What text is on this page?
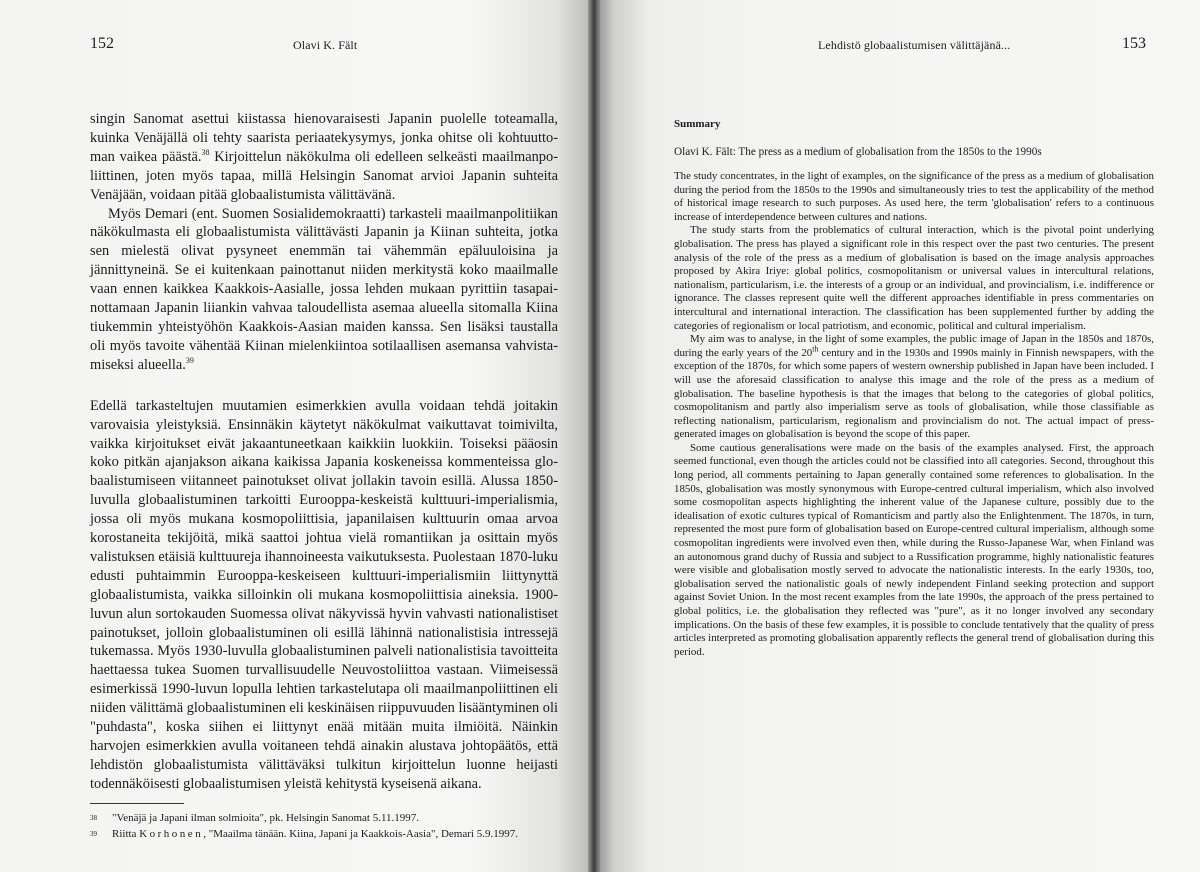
152	Olavi K. Fält

singin Sanomat asettui kiistassa hienovaraisesti Japanin puolelle toteamalla, kuinka Venäjällä oli tehty saarista periaatekysymys, jonka ohitse oli kohtuuttoman vaikea päästä.$^{38}$ Kirjoittelun näkökulma oli edelleen selkeästi maailmanpoliittinen, joten myös tapaa, millä Helsingin Sanomat arvioi Japanin suhteita Venäjään, voidaan pitää globaalistumista välittävänä.

Myös Demari (ent. Suomen Sosialidemokraatti) tarkasteli maailmanpolitiikan näkökulmasta eli globaalistumista välittävästi Japanin ja Kiinan suhteita, jotka sen mielestä olivat pysyneet enemmän tai vähemmän epäluuloisina ja jännittyneinä. Se ei kuitenkaan painottanut niiden merkitystä koko maailmalle vaan ennen kaikkea Kaakkois-Aasialle, jossa lehden mukaan pyrittiin tasapainottamaan Japanin liiankin vahvaa taloudellista asemaa alueella sitomalla Kiina tiukemmin yhteistyöhön Kaakkois-Aasian maiden kanssa. Sen lisäksi taustalla oli myös tavoite vähentää Kiinan mielenkiintoa sotilaallisen asemansa vahvistamiseksi alueella.$^{39}$

Edellä tarkasteltujen muutamien esimerkkien avulla voidaan tehdä joitakin varovaisia yleistyksiä. Ensinnäkin käytetyt näkökulmat vaikuttavat toimivilta, vaikka kirjoitukset eivät jakaantuneetkaan kaikkiin luokkiin. Toiseksi pääosin koko pitkän ajanjakson aikana kaikissa Japania koskeneissa kommenteissa globaalistumiseen viitanneet painotukset olivat jollakin tavoin esillä. Alussa 1850-luvulla globaalistuminen tarkoitti Eurooppa-keskeistä kulttuuri-imperialismia, jossa oli myös mukana kosmopoliittisia, japanilaisen kulttuurin omaa arvoa korostaneita tekijöitä, mikä saattoi johtua vielä romantiikan ja osittain myös valistuksen etäisiä kulttuureja ihannoineesta vaikutuksesta. Puolestaan 1870-luku edusti puhtaimmin Eurooppa-keskeiseen kulttuuri-imperialismiin liittynyttä globaalistumista, vaikka silloinkin oli mukana kosmopoliittisia aineksia. 1900-luvun alun sortokauden Suomessa olivat näkyvissä hyvin vahvasti nationalistiset painotukset, jolloin globaalistuminen oli esillä lähinnä nationalistisia intressejä tukemassa. Myös 1930-luvulla globaalistuminen palveli nationalistisia tavoitteita haettaessa tukea Suomen turvallisuudelle Neuvostoliittoa vastaan. Viimeisessä esimerkissä 1990-luvun lopulla lehtien tarkastelutapa oli maailmanpoliittinen eli niiden välittämä globaalistuminen eli keskinäisen riippuvuuden lisääntyminen oli "puhdasta", koska siihen ei liittynyt enää mitään muita ilmiöitä. Näinkin harvojen esimerkkien avulla voitaneen tehdä ainakin alustava johtopäätös, että lehdistön globaalistumista välittäväksi tulkitun kirjoittelun luonne heijasti todennäköisesti globaalistumisen yleistä kehitystä kyseisenä aikana.

38 "Venäjä ja Japani ilman solmioita", pk. Helsingin Sanomat 5.11.1997.
39 Riitta Korhonen, "Maailma tänään. Kiina, Japani ja Kaakkois-Aasia", Demari 5.9.1997.
Lehdistö globaalistumisen välittäjänä...	153
Summary
Olavi K. Fält: The press as a medium of globalisation from the 1850s to the 1990s

The study concentrates, in the light of examples, on the significance of the press as a medium of globalisation during the period from the 1850s to the 1990s and simultaneously tries to test the applicability of the method of historical image research to such purposes. As used here, the term 'globalisation' refers to a continuous increase of interdependence between cultures and nations.

The study starts from the problematics of cultural interaction, which is the pivotal point underlying globalisation. The press has played a significant role in this respect over the past two centuries. The present analysis of the role of the press as a medium of globalisation is based on the image analysis approaches proposed by Akira Iriye: global politics, cosmopolitanism or universal values in intercultural relations, nationalism, particularism, i.e. the interests of a group or an individual, and provincialism, i.e. indifference or ignorance. The classes represent quite well the different approaches identifiable in press commentaries on intercultural and international interaction. The classification has been supplemented further by adding the categories of regionalism or local patriotism, and economic, political and cultural imperialism.

My aim was to analyse, in the light of some examples, the public image of Japan in the 1850s and 1870s, during the early years of the 20th century and in the 1930s and 1990s mainly in Finnish newspapers, with the exception of the 1870s, for which some papers of western ownership published in Japan have been included. I will use the aforesaid classification to analyse this image and the role of the press as a medium of globalisation. The baseline hypothesis is that the images that belong to the categories of global politics, cosmopolitanism and partly also imperialism serve as tools of globalisation, while those classifiable as reflecting nationalism, particularism, regionalism and provincialism do not. The actual impact of press-generated images on globalisation is beyond the scope of this paper.

Some cautious generalisations were made on the basis of the examples analysed. First, the approach seemed functional, even though the articles could not be classified into all categories. Second, throughout this long period, all comments pertaining to Japan generally contained some references to globalisation. In the 1850s, globalisation was mostly synonymous with Europe-centred cultural imperialism, which also involved some cosmopolitan aspects highlighting the inherent value of the Japanese culture, possibly due to the idealisation of exotic cultures typical of Romanticism and partly also the Enlightenment. The 1870s, in turn, represented the most pure form of globalisation based on Europe-centred cultural imperialism, although some cosmopolitan ingredients were involved even then, while during the Russo-Japanese War, when Finland was an autonomous grand duchy of Russia and subject to a Russification programme, highly nationalistic features were visible and globalisation mostly served to advocate the nationalistic interests. In the early 1930s, too, globalisation served the nationalistic goals of newly independent Finland seeking protection and support against Soviet Union. In the most recent examples from the late 1990s, the approach of the press pertained to global politics, i.e. the globalisation they reflected was "pure", as it no longer involved any secondary implications. On the basis of these few examples, it is possible to conclude tentatively that the quality of press articles interpreted as promoting globalisation apparently reflects the general trend of globalisation during this period.
